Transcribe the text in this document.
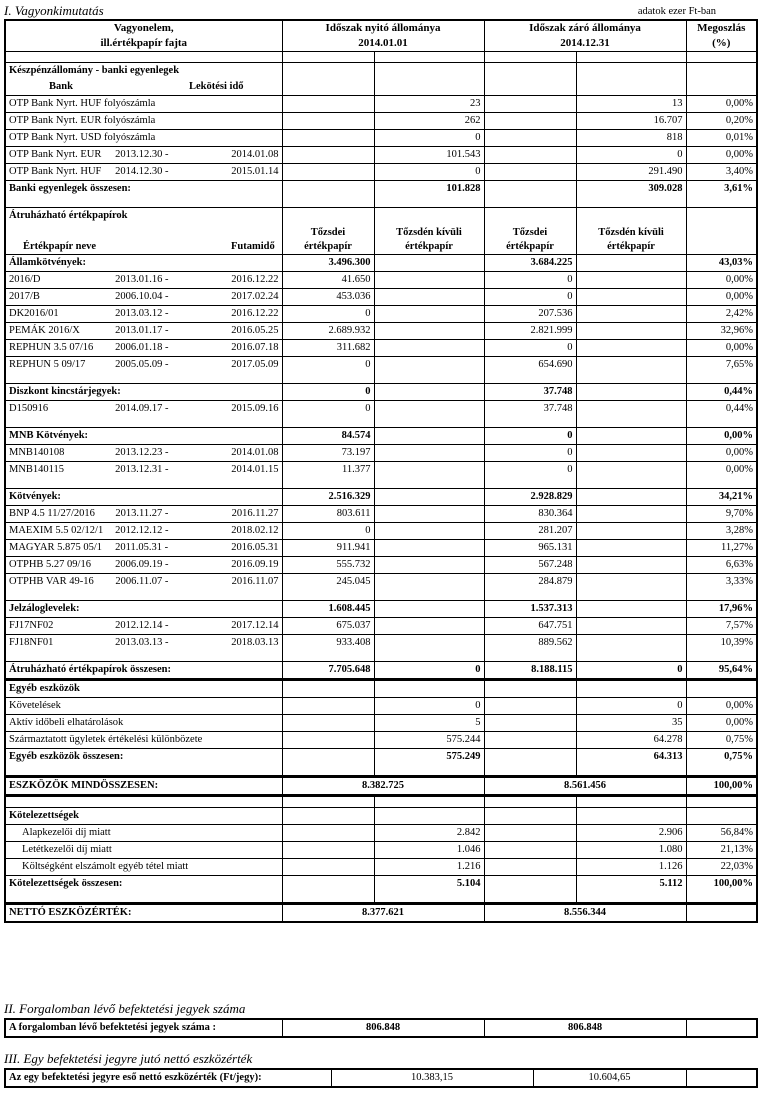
I. Vagyonkimutatás	adatok ezer Ft-ban
Vagyonelem,
ill.értékpapír fajta	Időszak nyitó állománya
2014.01.01		Időszak záró állománya
2014.12.31		Megoszlás
(%)

Készpénzállomány - banki egyenlegek					

Bank Lekötési idő					

OTP Bank Nyrt. HUF folyószámla		23		13	0,00%

OTP Bank Nyrt. EUR folyószámla		262		16.707	0,20%

OTP Bank Nyrt. USD folyószámla		0		818	0,01%

OTP Bank Nyrt. EUR 2013.12.30 - 2014.01.08		101.543		0	0,00%

OTP Bank Nyrt. HUF 2014.12.30 - 2015.01.14		0		291.490	3,40%
Banki egyenlegek összesen:		101.828		309.028	3,61%

Átruházható értékpapírok					

Értékpapír neve Futamidő	Tőzsdei
értékpapír	Tőzsdén kívüli
értékpapír	Tőzsdei
értékpapír	Tőzsdén kívüli
értékpapír	
Államkötvények:	3.496.300		3.684.225		43,03%

2016/D 2013.01.16 - 2016.12.22	41.650		0		0,00%

2017/B 2006.10.04 - 2017.02.24	453.036		0		0,00%

DK2016/01 2013.03.12 - 2016.12.22	0		207.536		2,42%

PEMÁK 2016/X 2013.01.17 - 2016.05.25	2.689.932		2.821.999		32,96%

REPHUN 3.5 07/16 2006.01.18 - 2016.07.18	311.682		0		0,00%

REPHUN 5 09/17 2005.05.09 - 2017.05.09	0		654.690		7,65%

Diszkont kincstárjegyek:	0		37.748		0,44%

D150916 2014.09.17 - 2015.09.16	0		37.748		0,44%

MNB Kötvények:	84.574		0		0,00%

MNB140108 2013.12.23 - 2014.01.08	73.197		0		0,00%

MNB140115 2013.12.31 - 2014.01.15	11.377		0		0,00%

Kötvények:	2.516.329		2.928.829		34,21%

BNP 4.5 11/27/2016 2013.11.27 - 2016.11.27	803.611		830.364		9,70%

MAEXIM 5.5 02/12/1 2012.12.12 - 2018.02.12	0		281.207		3,28%

MAGYAR 5.875 05/1 2011.05.31 - 2016.05.31	911.941		965.131		11,27%

OTPHB 5.27 09/16 2006.09.19 - 2016.09.19	555.732		567.248		6,63%

OTPHB VAR 49-16 2006.11.07 - 2016.11.07	245.045		284.879		3,33%

Jelzáloglevelek:	1.608.445		1.537.313		17,96%

FJ17NF02 2012.12.14 - 2017.12.14	675.037		647.751		7,57%

FJ18NF01 2013.03.13 - 2018.03.13	933.408		889.562		10,39%

Átruházható értékpapírok összesen:	7.705.648	0	8.188.115	0	95,64%
Egyéb eszközök					
Követelések		0		0	0,00%
Aktív időbeli elhatárolások		5		35	0,00%
Származtatott ügyletek értékelési különbözete		575.244		64.278	0,75%
Egyéb eszközök összesen:		575.249		64.313	0,75%

ESZKÖZÖK MINDÖSSZESEN:	8.382.725		8.561.456		100,00%

Kötelezettségek					
Alapkezelői díj miatt		2.842		2.906	56,84%
Letétkezelői díj miatt		1.046		1.080	21,13%
Költségként elszámolt egyéb tétel miatt		1.216		1.126	22,03%
Kötelezettségek összesen:		5.104		5.112	100,00%

NETTÓ ESZKÖZÉRTÉK:	8.377.621		8.556.344		
II. Forgalomban lévő befektetési jegyek száma
A forgalomban lévő befektetési jegyek száma :	806.848	806.848	
III. Egy befektetési jegyre jutó nettó eszközérték
Az egy befektetési jegyre eső nettó eszközérték (Ft/jegy):	10.383,15	10.604,65	
